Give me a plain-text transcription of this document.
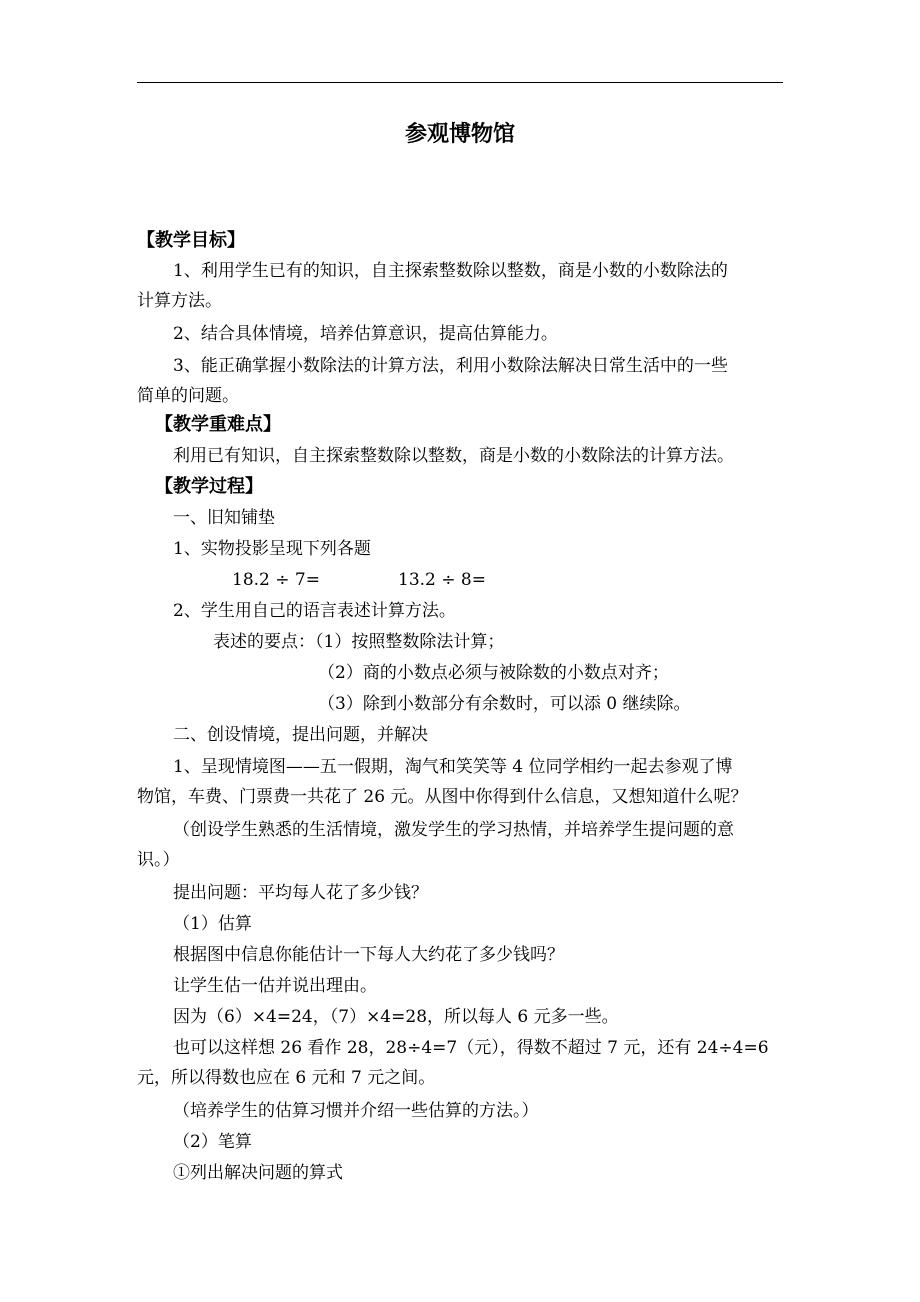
参观博物馆
【教学目标】
1、利用学生已有的知识，自主探索整数除以整数，商是小数的小数除法的
计算方法。
2、结合具体情境，培养估算意识，提高估算能力。
3、能正确掌握小数除法的计算方法，利用小数除法解决日常生活中的一些
简单的问题。
【教学重难点】
利用已有知识，自主探索整数除以整数，商是小数的小数除法的计算方法。
【教学过程】
一、旧知铺垫
1、实物投影呈现下列各题
18.2 ÷ 7=	13.2 ÷ 8=
2、学生用自己的语言表述计算方法。
表述的要点：（1）按照整数除法计算；
（2）商的小数点必须与被除数的小数点对齐；
（3）除到小数部分有余数时，可以添 0 继续除。
二、创设情境，提出问题，并解决
1、呈现情境图——五一假期，淘气和笑笑等 4 位同学相约一起去参观了博
物馆，车费、门票费一共花了 26 元。从图中你得到什么信息，又想知道什么呢？
（创设学生熟悉的生活情境，激发学生的学习热情，并培养学生提问题的意
识。）
提出问题：平均每人花了多少钱？
（1）估算
根据图中信息你能估计一下每人大约花了多少钱吗？
让学生估一估并说出理由。
因为（6）×4=24，（7）×4=28，所以每人 6 元多一些。
也可以这样想 26 看作 28，28÷4=7（元），得数不超过 7 元，还有 24÷4=6
元，所以得数也应在 6 元和 7 元之间。
（培养学生的估算习惯并介绍一些估算的方法。）
（2）笔算
①列出解决问题的算式
